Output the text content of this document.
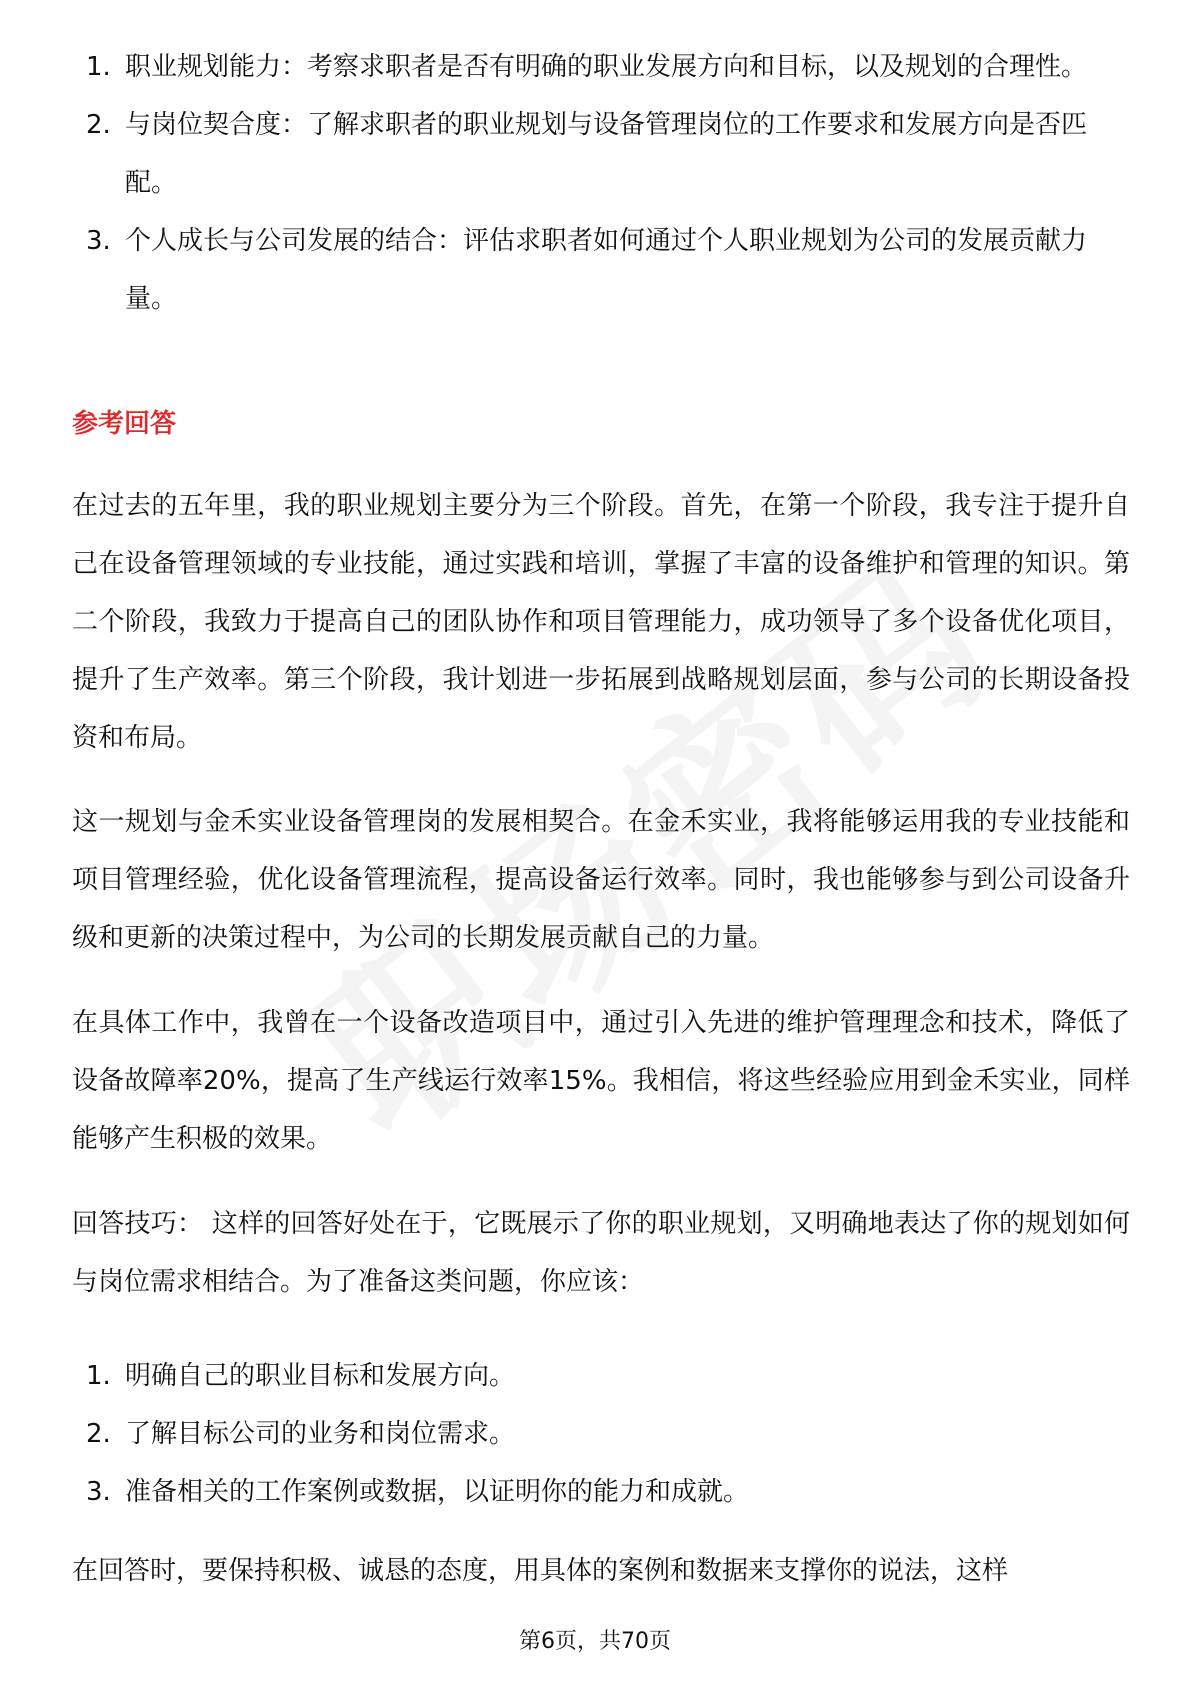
1. 职业规划能力：考察求职者是否有明确的职业发展方向和目标，以及规划的合理性。
2. 与岗位契合度：了解求职者的职业规划与设备管理岗位的工作要求和发展方向是否匹配。
3. 个人成长与公司发展的结合：评估求职者如何通过个人职业规划为公司的发展贡献力量。
参考回答

在过去的五年里，我的职业规划主要分为三个阶段。首先，在第一个阶段，我专注于提升自己在设备管理领域的专业技能，通过实践和培训，掌握了丰富的设备维护和管理的知识。第二个阶段，我致力于提高自己的团队协作和项目管理能力，成功领导了多个设备优化项目，提升了生产效率。第三个阶段，我计划进一步拓展到战略规划层面，参与公司的长期设备投资和布局。

这一规划与金禾实业设备管理岗的发展相契合。在金禾实业，我将能够运用我的专业技能和项目管理经验，优化设备管理流程，提高设备运行效率。同时，我也能够参与到公司设备升级和更新的决策过程中，为公司的长期发展贡献自己的力量。

在具体工作中，我曾在一个设备改造项目中，通过引入先进的维护管理理念和技术，降低了设备故障率20%，提高了生产线运行效率15%。我相信，将这些经验应用到金禾实业，同样能够产生积极的效果。

回答技巧： 这样的回答好处在于，它既展示了你的职业规划，又明确地表达了你的规划如何与岗位需求相结合。为了准备这类问题，你应该：

1. 明确自己的职业目标和发展方向。
2. 了解目标公司的业务和岗位需求。
3. 准备相关的工作案例或数据，以证明你的能力和成就。

在回答时，要保持积极、诚恳的态度，用具体的案例和数据来支撑你的说法，这样

第6页，共70页
